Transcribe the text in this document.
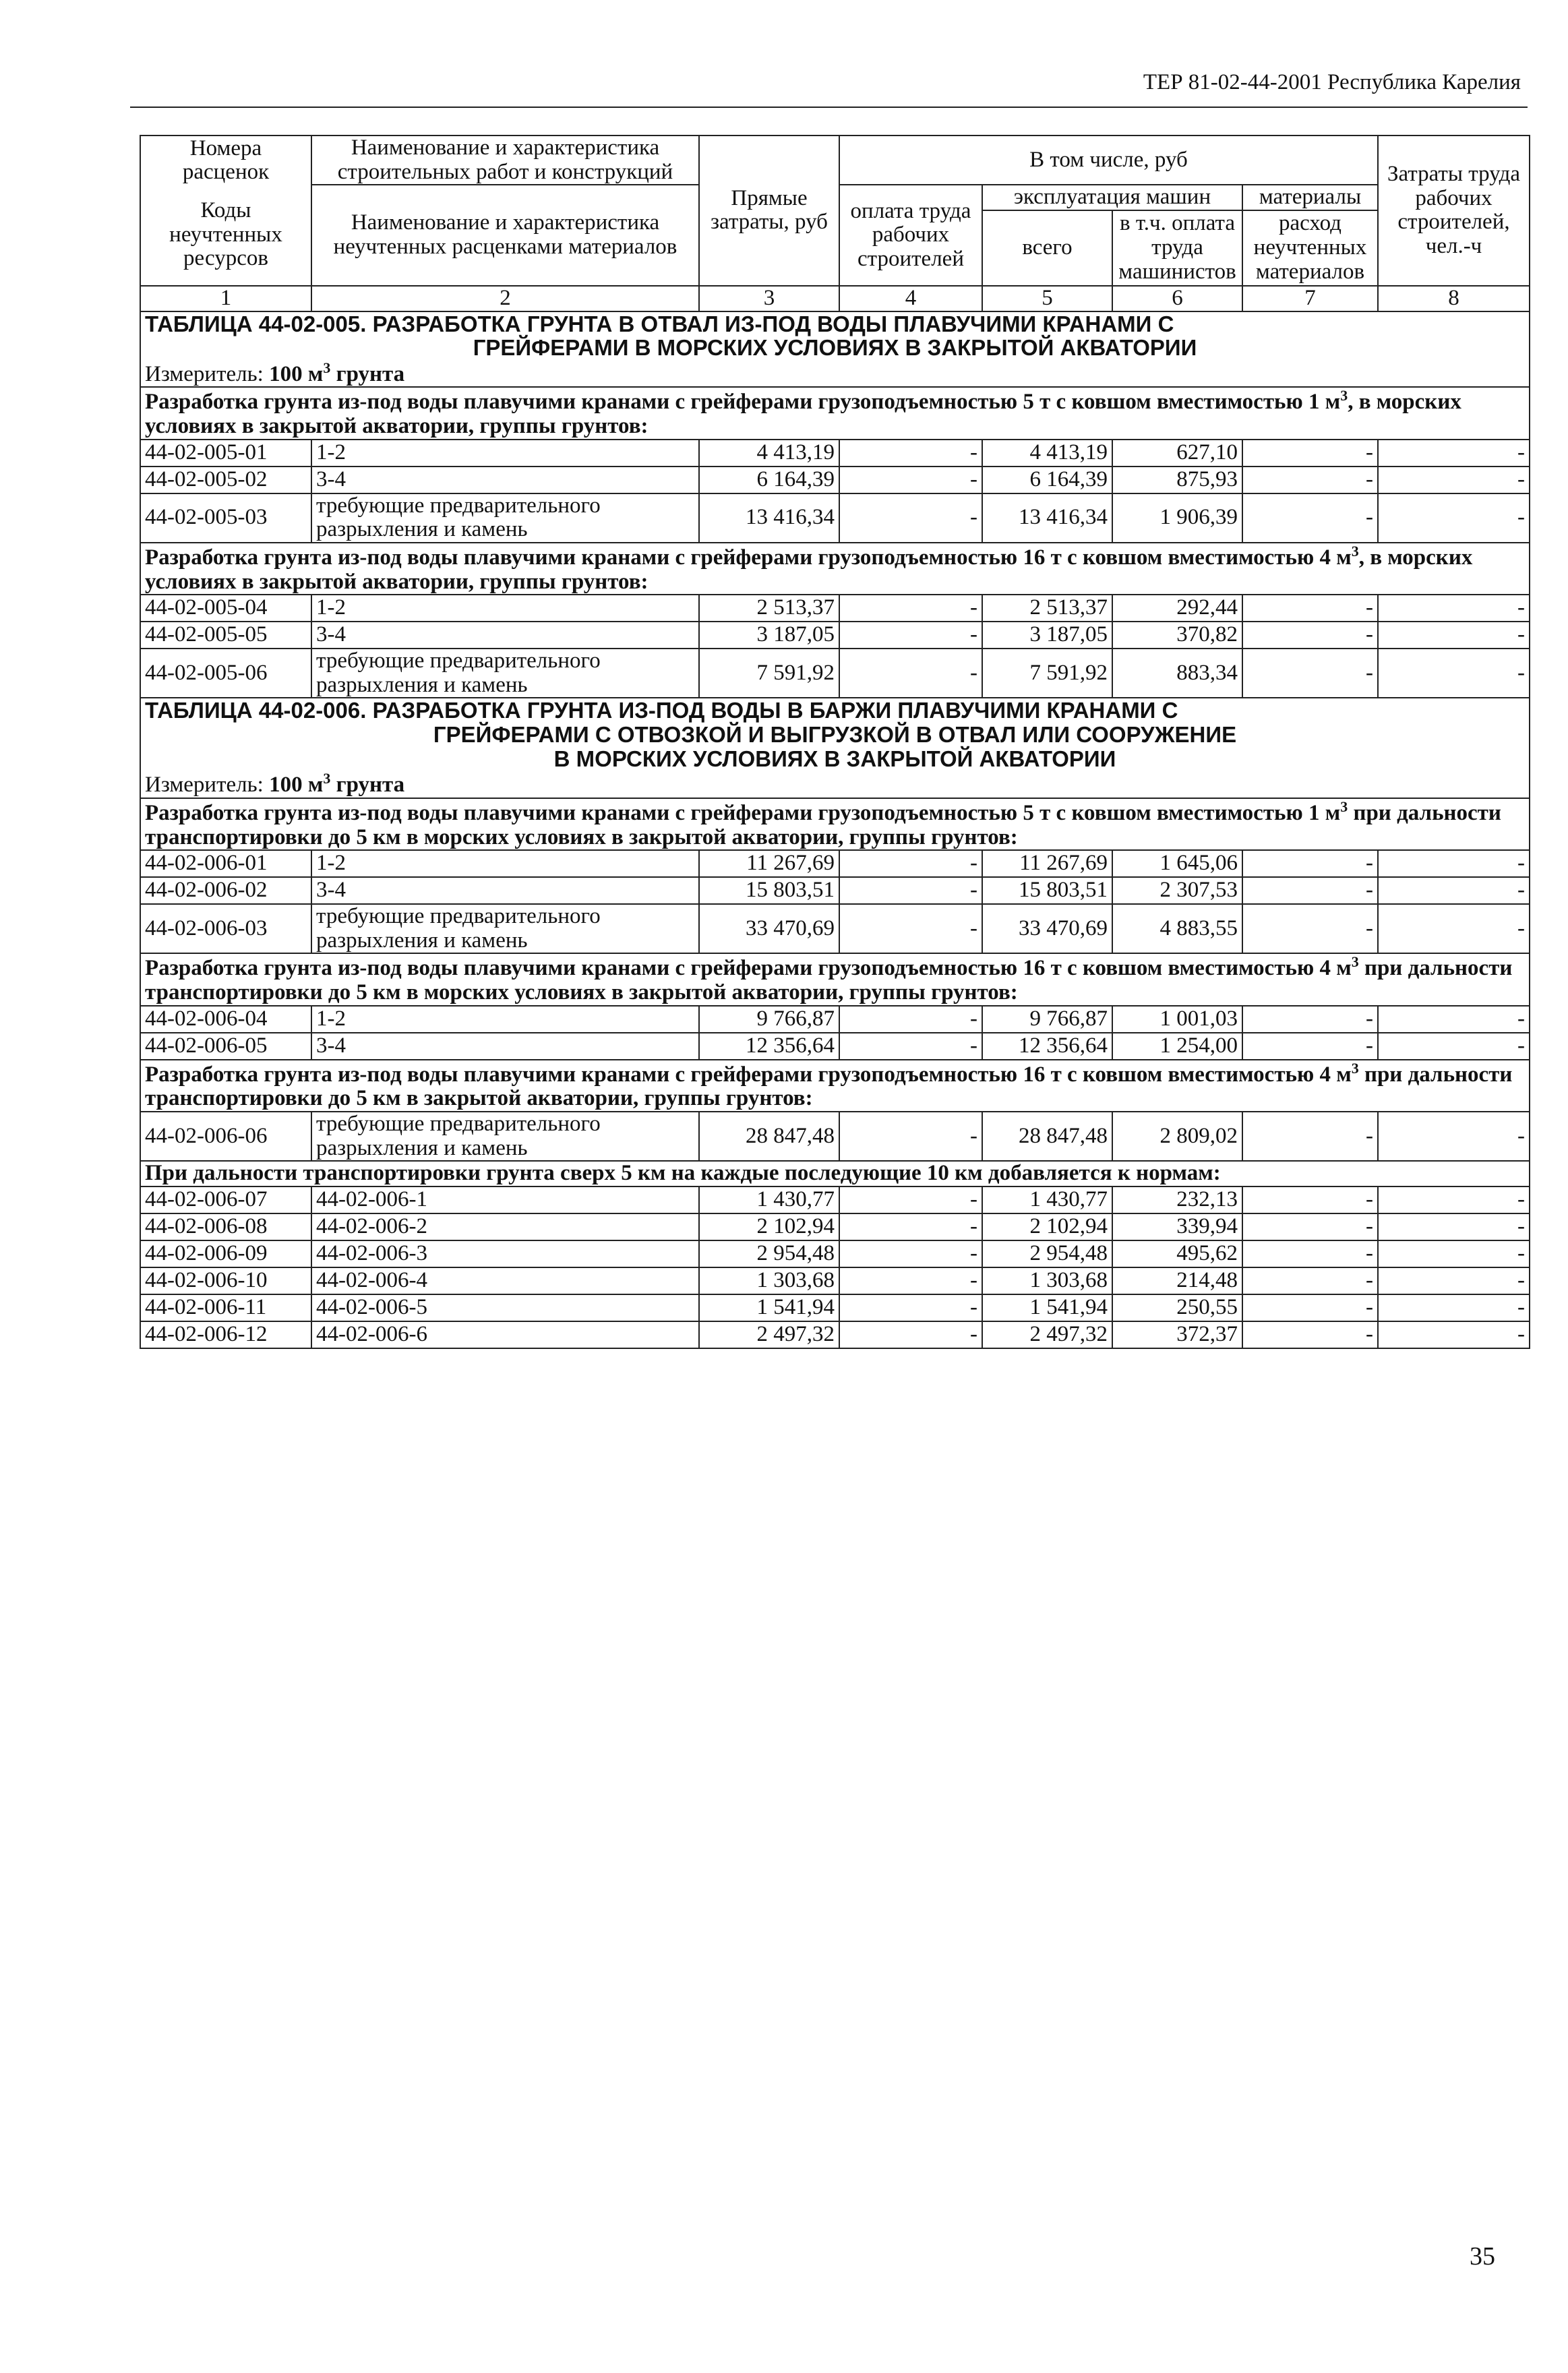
ТЕР 81-02-44-2001 Республика Карелия
Номера расценок	Наименование и характеристика строительных работ и конструкций	Прямые затраты, руб	В том числе, руб				Затраты труда рабочих строителей, чел.-ч
Коды неучтенных ресурсов	Наименование и характеристика неучтенных расценками материалов		оплата труда рабочих строителей	эксплуатация машин		материалы	
				всего	в т.ч. оплата труда машинистов	расход неучтенных материалов	
1	2	3	4	5	6	7	8

ТАБЛИЦА 44-02-005. РАЗРАБОТКА ГРУНТА В ОТВАЛ ИЗ-ПОД ВОДЫ ПЛАВУЧИМИ КРАНАМИ С
ГРЕЙФЕРАМИ В МОРСКИХ УСЛОВИЯХ В ЗАКРЫТОЙ АКВАТОРИИ							

Измеритель: 100 $м^3$ грунта							
Разработка грунта из-под воды плавучими кранами с грейферами грузоподъемностью 5 т с ковшом вместимостью 1 $м^3$, в морских условиях в закрытой акватории, группы грунтов:							
44-02-005-01	1-2	4 413,19	-	4 413,19	627,10	-	-
44-02-005-02	3-4	6 164,39	-	6 164,39	875,93	-	-
44-02-005-03	требующие предварительного разрыхления и камень	13 416,34	-	13 416,34	1 906,39	-	-
Разработка грунта из-под воды плавучими кранами с грейферами грузоподъемностью 16 т с ковшом вместимостью 4 $м^3$, в морских условиях в закрытой акватории, группы грунтов:							
44-02-005-04	1-2	2 513,37	-	2 513,37	292,44	-	-
44-02-005-05	3-4	3 187,05	-	3 187,05	370,82	-	-
44-02-005-06	требующие предварительного разрыхления и камень	7 591,92	-	7 591,92	883,34	-	-

ТАБЛИЦА 44-02-006. РАЗРАБОТКА ГРУНТА ИЗ-ПОД ВОДЫ В БАРЖИ ПЛАВУЧИМИ КРАНАМИ С
ГРЕЙФЕРАМИ С ОТВОЗКОЙ И ВЫГРУЗКОЙ В ОТВАЛ ИЛИ СООРУЖЕНИЕ
В МОРСКИХ УСЛОВИЯХ В ЗАКРЫТОЙ АКВАТОРИИ							

Измеритель: 100 $м^3$ грунта							
Разработка грунта из-под воды плавучими кранами с грейферами грузоподъемностью 5 т с ковшом вместимостью 1 $м^3$ при дальности транспортировки до 5 км в морских условиях в закрытой акватории, группы грунтов:							
44-02-006-01	1-2	11 267,69	-	11 267,69	1 645,06	-	-
44-02-006-02	3-4	15 803,51	-	15 803,51	2 307,53	-	-
44-02-006-03	требующие предварительного разрыхления и камень	33 470,69	-	33 470,69	4 883,55	-	-
Разработка грунта из-под воды плавучими кранами с грейферами грузоподъемностью 16 т с ковшом вместимостью 4 $м^3$ при дальности транспортировки до 5 км в морских условиях в закрытой акватории, группы грунтов:							
44-02-006-04	1-2	9 766,87	-	9 766,87	1 001,03	-	-
44-02-006-05	3-4	12 356,64	-	12 356,64	1 254,00	-	-
Разработка грунта из-под воды плавучими кранами с грейферами грузоподъемностью 16 т с ковшом вместимостью 4 $м^3$ при дальности транспортировки до 5 км в закрытой акватории, группы грунтов:							
44-02-006-06	требующие предварительного разрыхления и камень	28 847,48	-	28 847,48	2 809,02	-	-
При дальности транспортировки грунта сверх 5 км на каждые последующие 10 км добавляется к нормам:							
44-02-006-07	44-02-006-1	1 430,77	-	1 430,77	232,13	-	-
44-02-006-08	44-02-006-2	2 102,94	-	2 102,94	339,94	-	-
44-02-006-09	44-02-006-3	2 954,48	-	2 954,48	495,62	-	-
44-02-006-10	44-02-006-4	1 303,68	-	1 303,68	214,48	-	-
44-02-006-11	44-02-006-5	1 541,94	-	1 541,94	250,55	-	-
44-02-006-12	44-02-006-6	2 497,32	-	2 497,32	372,37	-	-
35
